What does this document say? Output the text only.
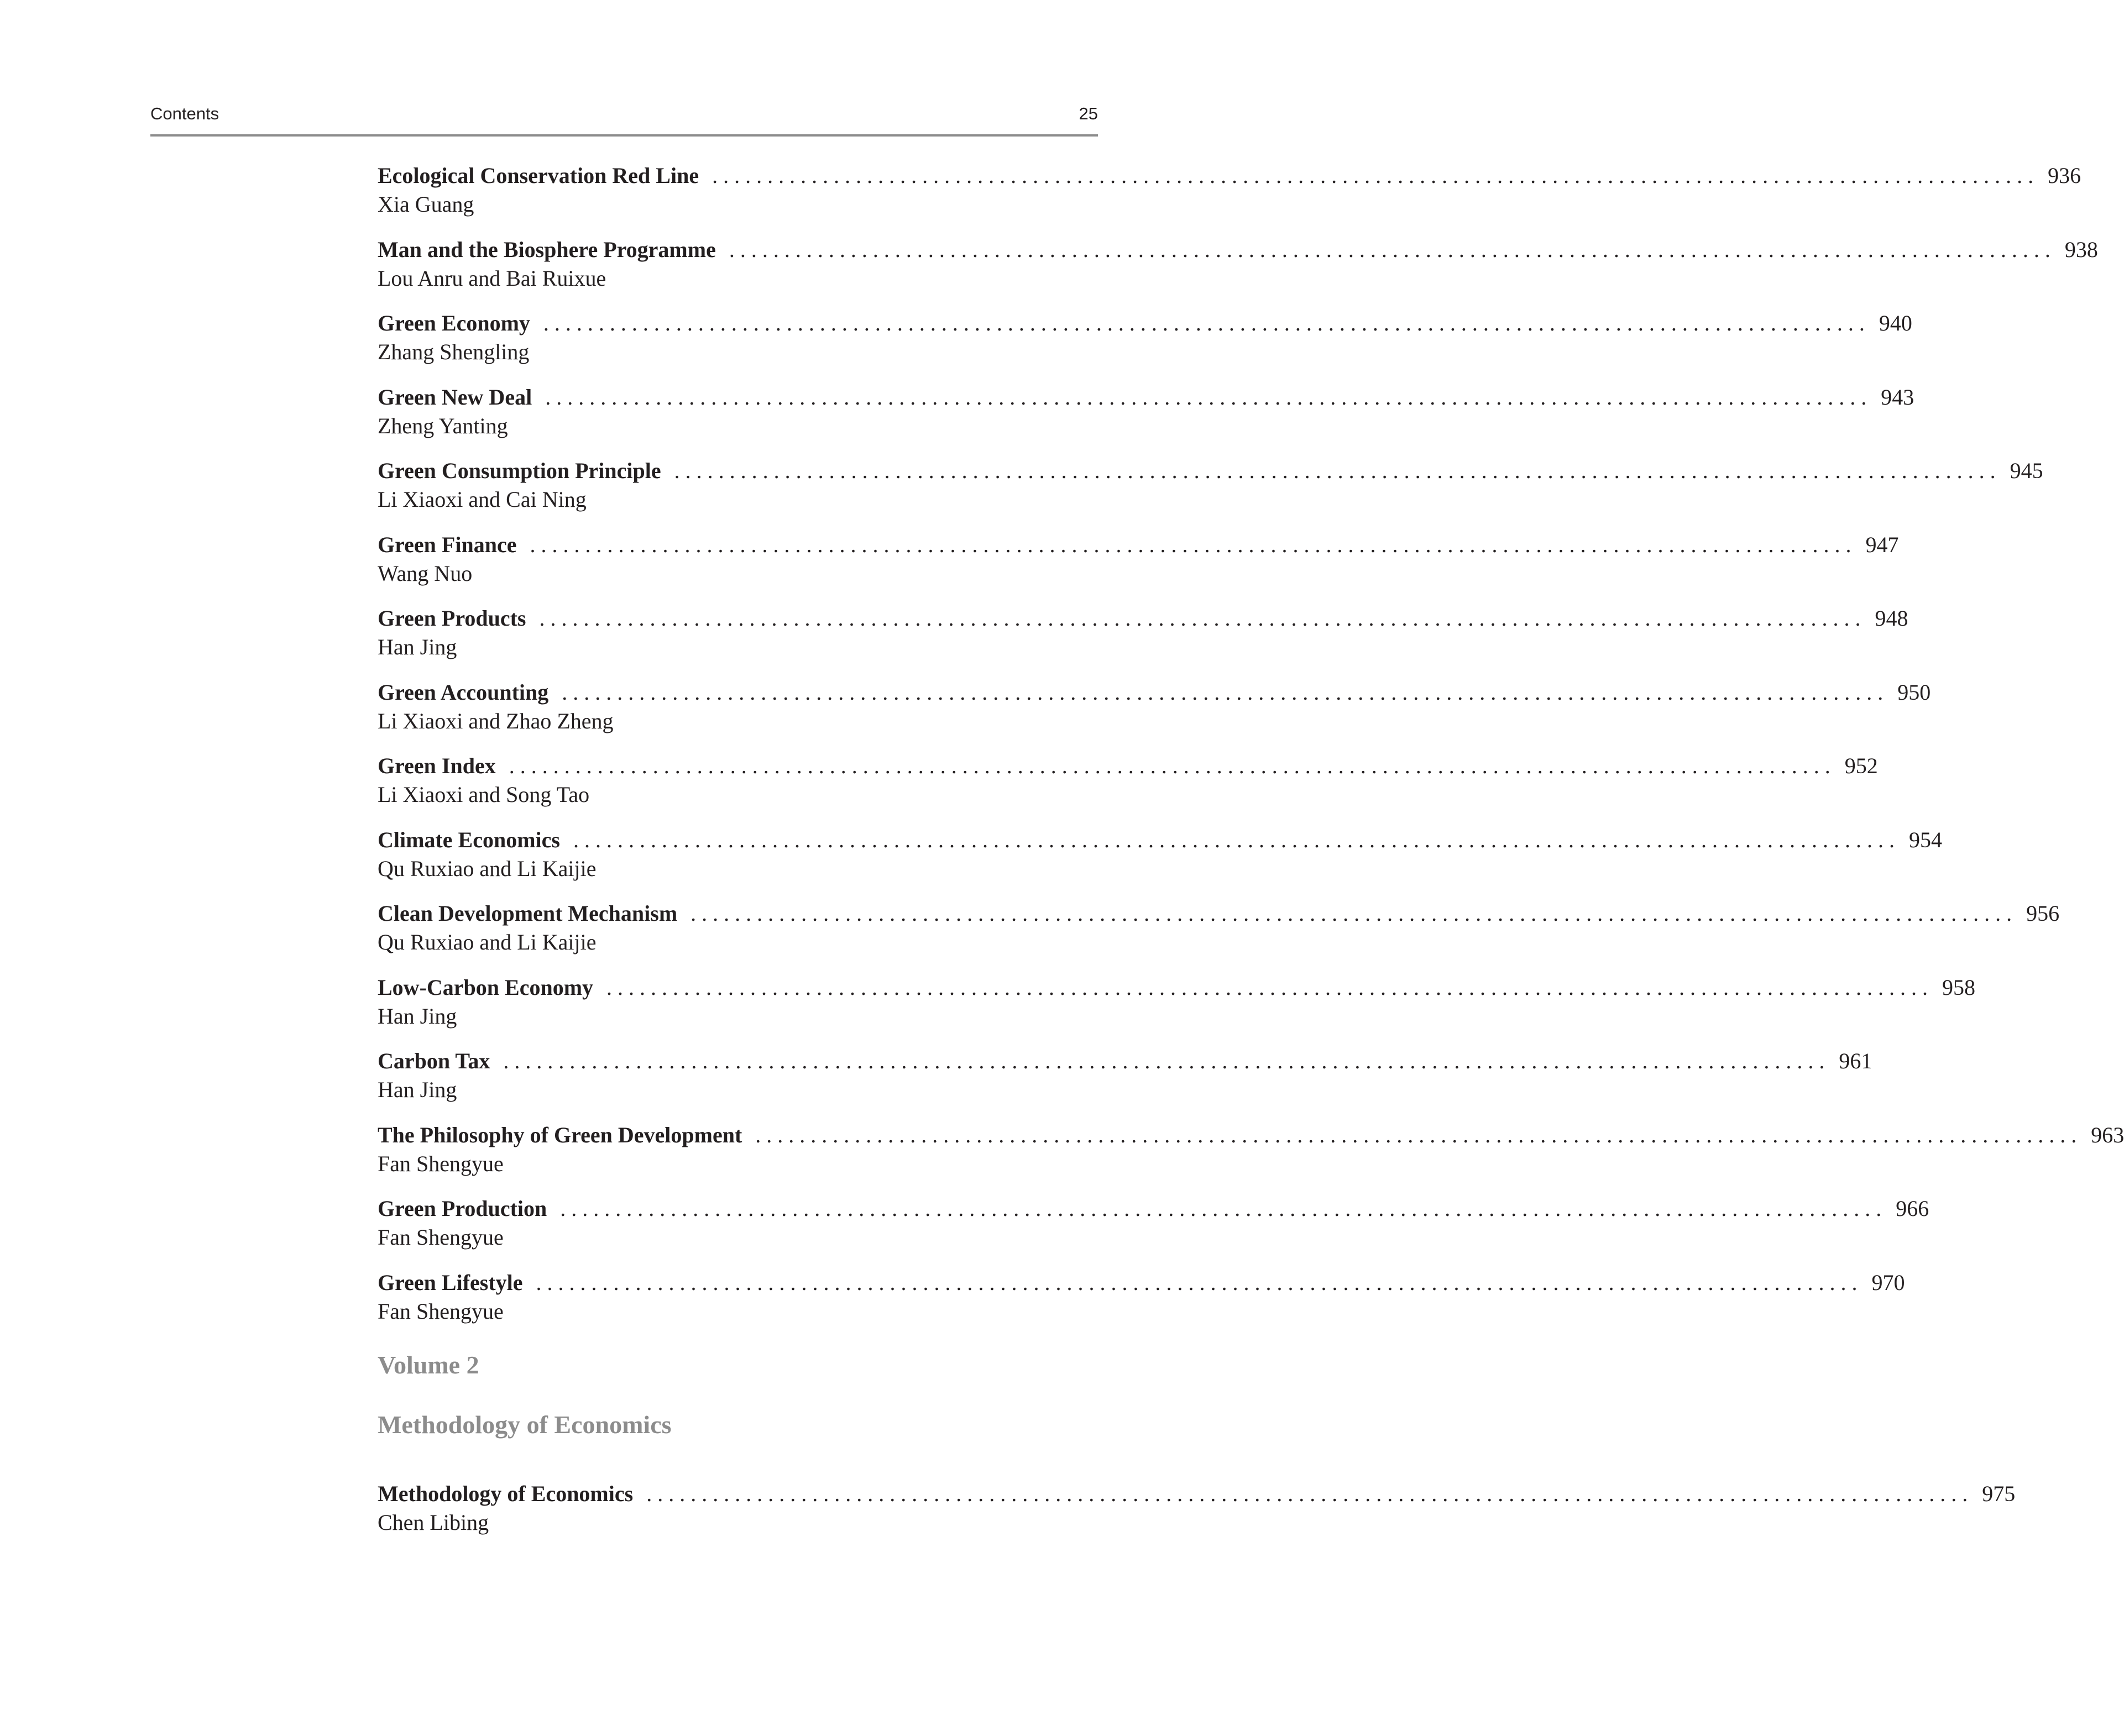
Contents	25
Ecological Conservation Red Line ........................................................................................................................ 936
Xia Guang
Man and the Biosphere Programme ........................................................................................................................ 938
Lou Anru and Bai Ruixue
Green Economy ........................................................................................................................ 940
Zhang Shengling
Green New Deal ........................................................................................................................ 943
Zheng Yanting
Green Consumption Principle ........................................................................................................................ 945
Li Xiaoxi and Cai Ning
Green Finance ........................................................................................................................ 947
Wang Nuo
Green Products ........................................................................................................................ 948
Han Jing
Green Accounting ........................................................................................................................ 950
Li Xiaoxi and Zhao Zheng
Green Index ........................................................................................................................ 952
Li Xiaoxi and Song Tao
Climate Economics ........................................................................................................................ 954
Qu Ruxiao and Li Kaijie
Clean Development Mechanism ........................................................................................................................ 956
Qu Ruxiao and Li Kaijie
Low-Carbon Economy ........................................................................................................................ 958
Han Jing
Carbon Tax ........................................................................................................................ 961
Han Jing
The Philosophy of Green Development ........................................................................................................................ 963
Fan Shengyue
Green Production ........................................................................................................................ 966
Fan Shengyue
Green Lifestyle ........................................................................................................................ 970
Fan Shengyue
Volume 2
Methodology of Economics
Methodology of Economics ........................................................................................................................ 975
Chen Libing
